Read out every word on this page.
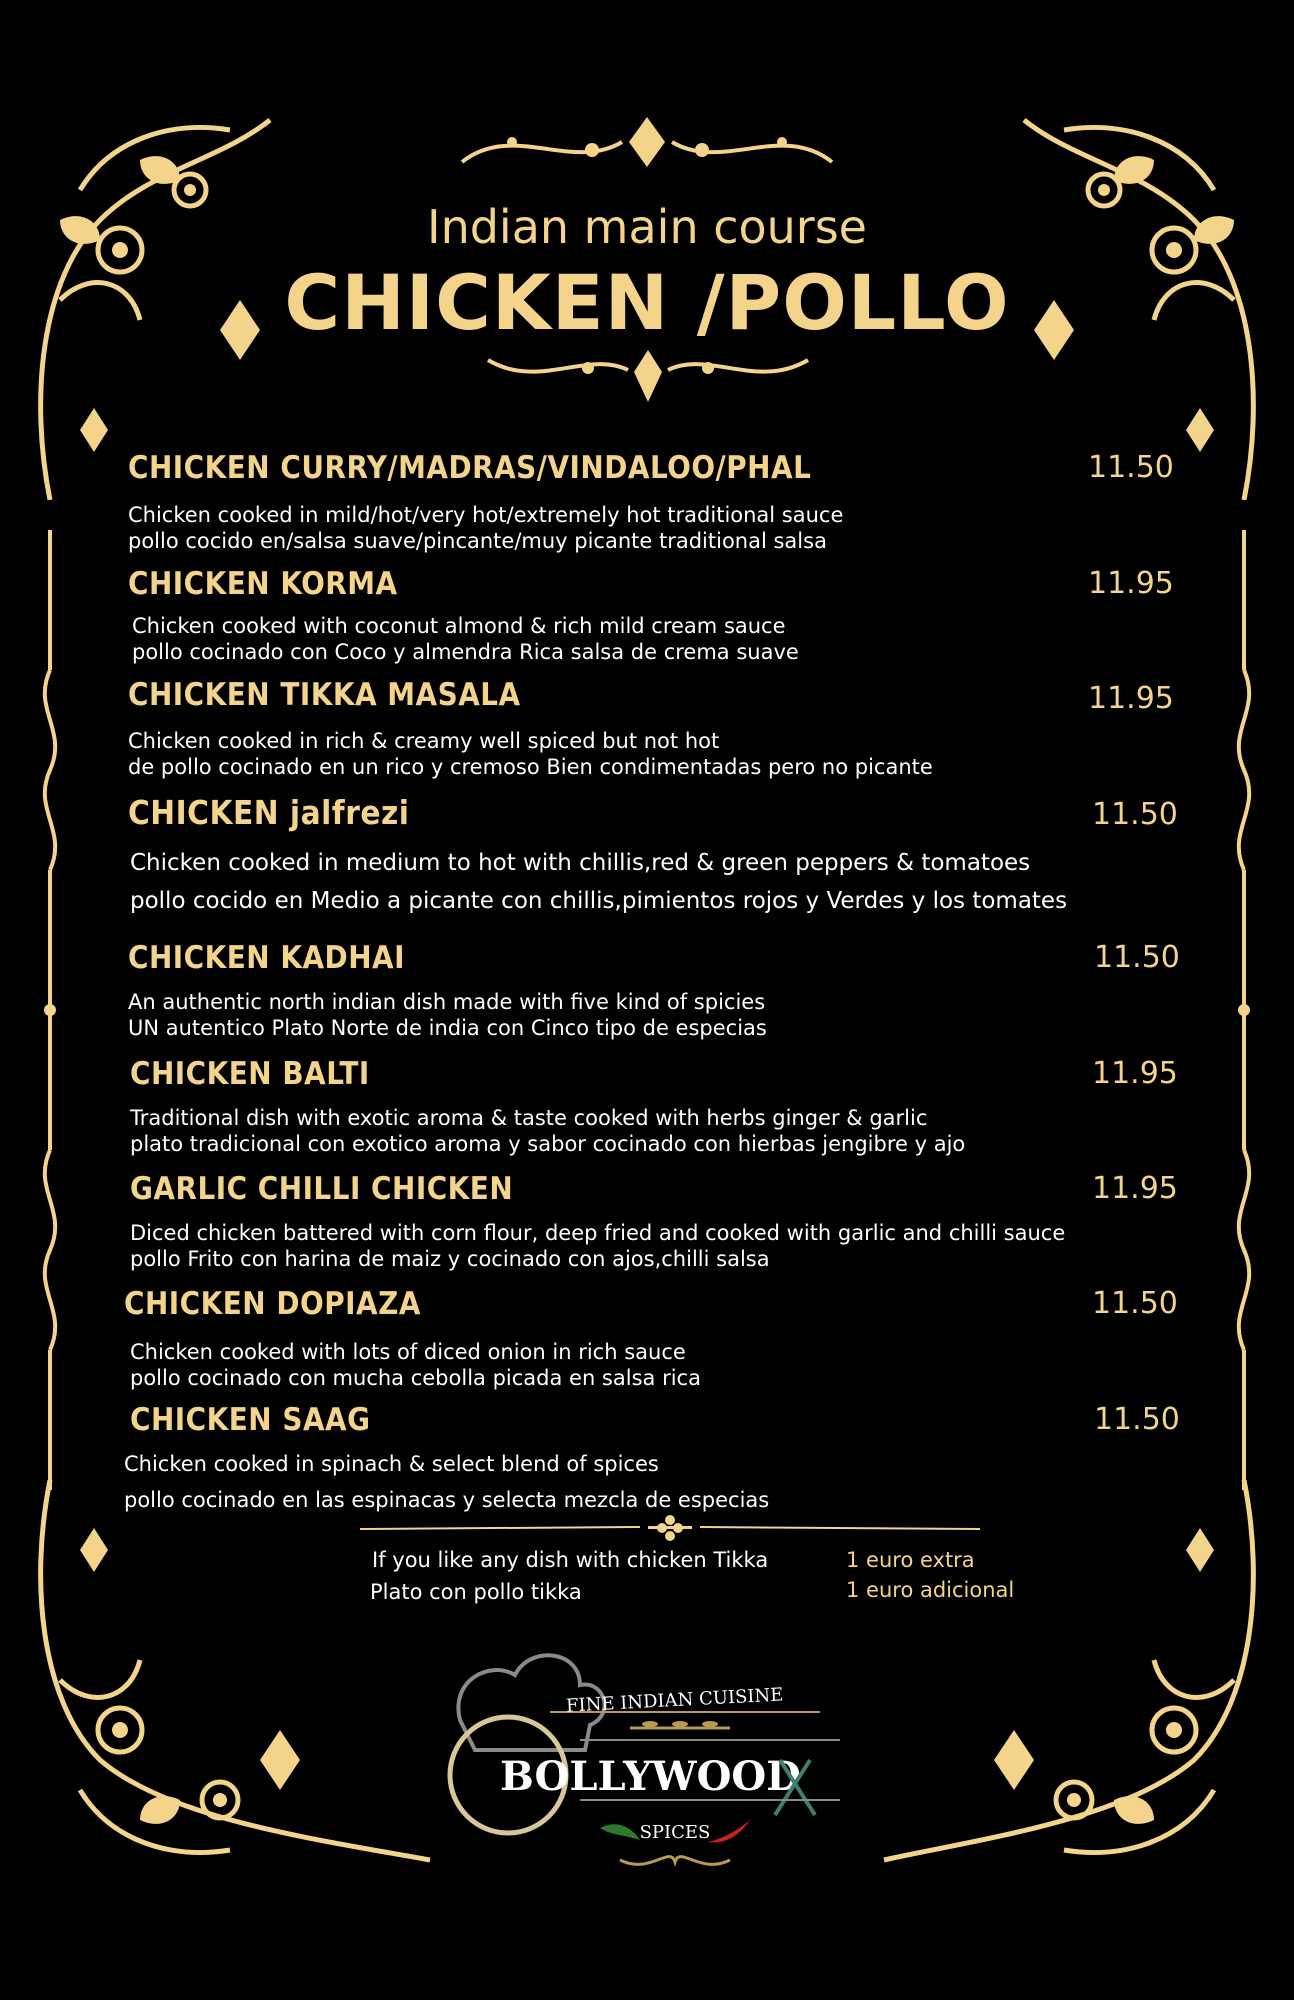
Indian main course
CHICKEN /POLLO
CHICKEN CURRY/MADRAS/VINDALOO/PHAL	11.50
Chicken cooked in mild/hot/very hot/extremely hot traditional sauce
pollo cocido en/salsa suave/pincante/muy picante traditional salsa
CHICKEN KORMA	11.95
Chicken cooked with coconut almond & rich mild cream sauce
pollo cocinado con Coco y almendra Rica salsa de crema suave
CHICKEN TIKKA MASALA	11.95
Chicken cooked in rich & creamy well spiced but not hot
de pollo cocinado en un rico y cremoso Bien condimentadas pero no picante
CHICKEN jalfrezi	11.50
Chicken cooked in medium to hot with chillis,red & green peppers & tomatoes
pollo cocido en Medio a picante con chillis,pimientos rojos y Verdes y los tomates
CHICKEN KADHAI	11.50
An authentic north indian dish made with five kind of spicies
UN autentico Plato Norte de india con Cinco tipo de especias
CHICKEN BALTI	11.95
Traditional dish with exotic aroma & taste cooked with herbs ginger & garlic
plato tradicional con exotico aroma y sabor cocinado con hierbas jengibre y ajo
GARLIC CHILLI CHICKEN	11.95
Diced chicken battered with corn flour, deep fried and cooked with garlic and chilli sauce
pollo Frito con harina de maiz y cocinado con ajos,chilli salsa
CHICKEN DOPIAZA	11.50
Chicken cooked with lots of diced onion in rich sauce
pollo cocinado con mucha cebolla picada en salsa rica
CHICKEN SAAG	11.50
Chicken cooked in spinach & select blend of spices
pollo cocinado en las espinacas y selecta mezcla de especias
If you like any dish with chicken Tikka	1 euro extra
Plato con pollo tikka	1 euro adicional
FINE INDIAN CUISINE
BOLLYWOOD
SPICES
